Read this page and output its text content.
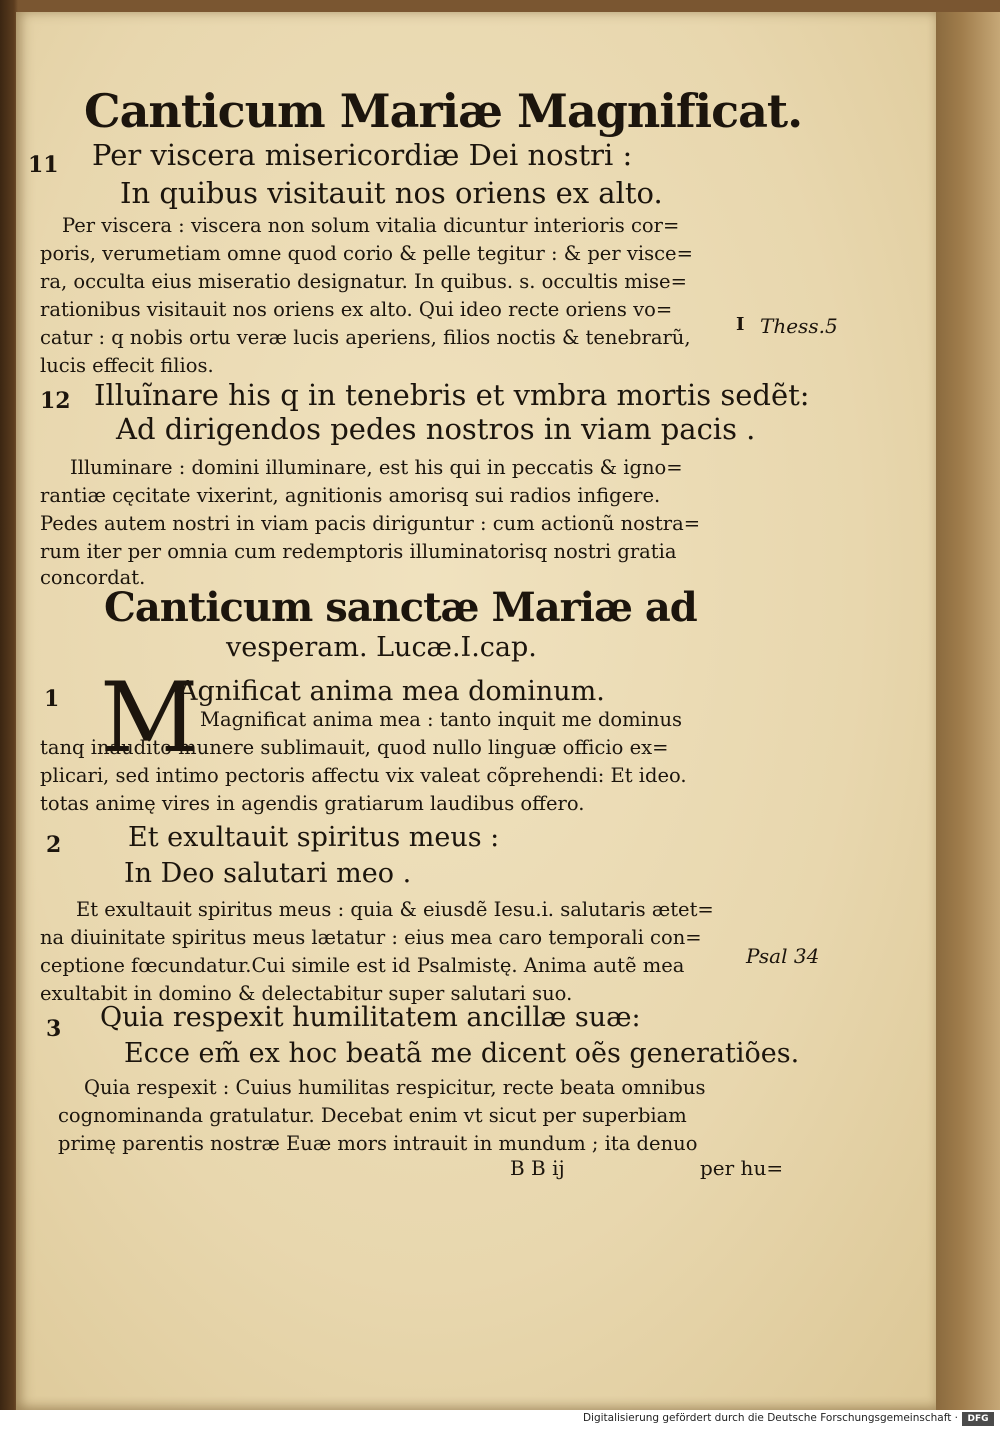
Canticum Mariæ Magnificat.
11 Per viscera misericordiæ Dei nostri :
In quibus visitauit nos oriens ex alto.
Per viscera : viscera non solum vitalia dicuntur interioris cor=
poris, verumetiam omne quod corio & pelle tegitur : & per visce=
ra, occulta eius miseratio designatur. In quibus. s. occultis mise=
rationibus visitauit nos oriens ex alto. Qui ideo recte oriens vo=
catur : q nobis ortu veræ lucis aperiens, filios noctis & tenebrarũ,
lucis effecit filios.
I Thess.5
12 Illuĩnare his q in tenebris et vmbra mortis sedẽt:
Ad dirigendos pedes nostros in viam pacis .
Illuminare : domini illuminare, est his qui in peccatis & igno=
rantiæ cęcitate vixerint, agnitionis amorisq sui radios infigere.
Pedes autem nostri in viam pacis diriguntur : cum actionũ nostra=
rum iter per omnia cum redemptoris illuminatorisq nostri gratia
concordat.
Canticum sanctæ Mariæ ad
vesperam. Lucæ.I.cap.
1 M
Agnificat anima mea dominum.
Magnificat anima mea : tanto inquit me dominus
tanq inaudito munere sublimauit, quod nullo linguæ officio ex=
plicari, sed intimo pectoris affectu vix valeat cõprehendi: Et ideo.
totas animę vires in agendis gratiarum laudibus offero.
2 Et exultauit spiritus meus :
In Deo salutari meo .
Et exultauit spiritus meus : quia & eiusdẽ Iesu.i. salutaris ætet=
na diuinitate spiritus meus lætatur : eius mea caro temporali con=
ceptione fœcundatur.Cui simile est id Psalmistę. Anima autẽ mea
exultabit in domino & delectabitur super salutari suo.
Psal 34
3 Quia respexit humilitatem ancillæ suæ:
Ecce em̃ ex hoc beatã me dicent oẽs generatiões.
Quia respexit : Cuius humilitas respicitur, recte beata omnibus
cognominanda gratulatur. Decebat enim vt sicut per superbiam
primę parentis nostræ Euæ mors intrauit in mundum ; ita denuo
B B ij	per hu=
Digitalisierung gefördert durch die Deutsche Forschungsgemeinschaft ·	DFG
